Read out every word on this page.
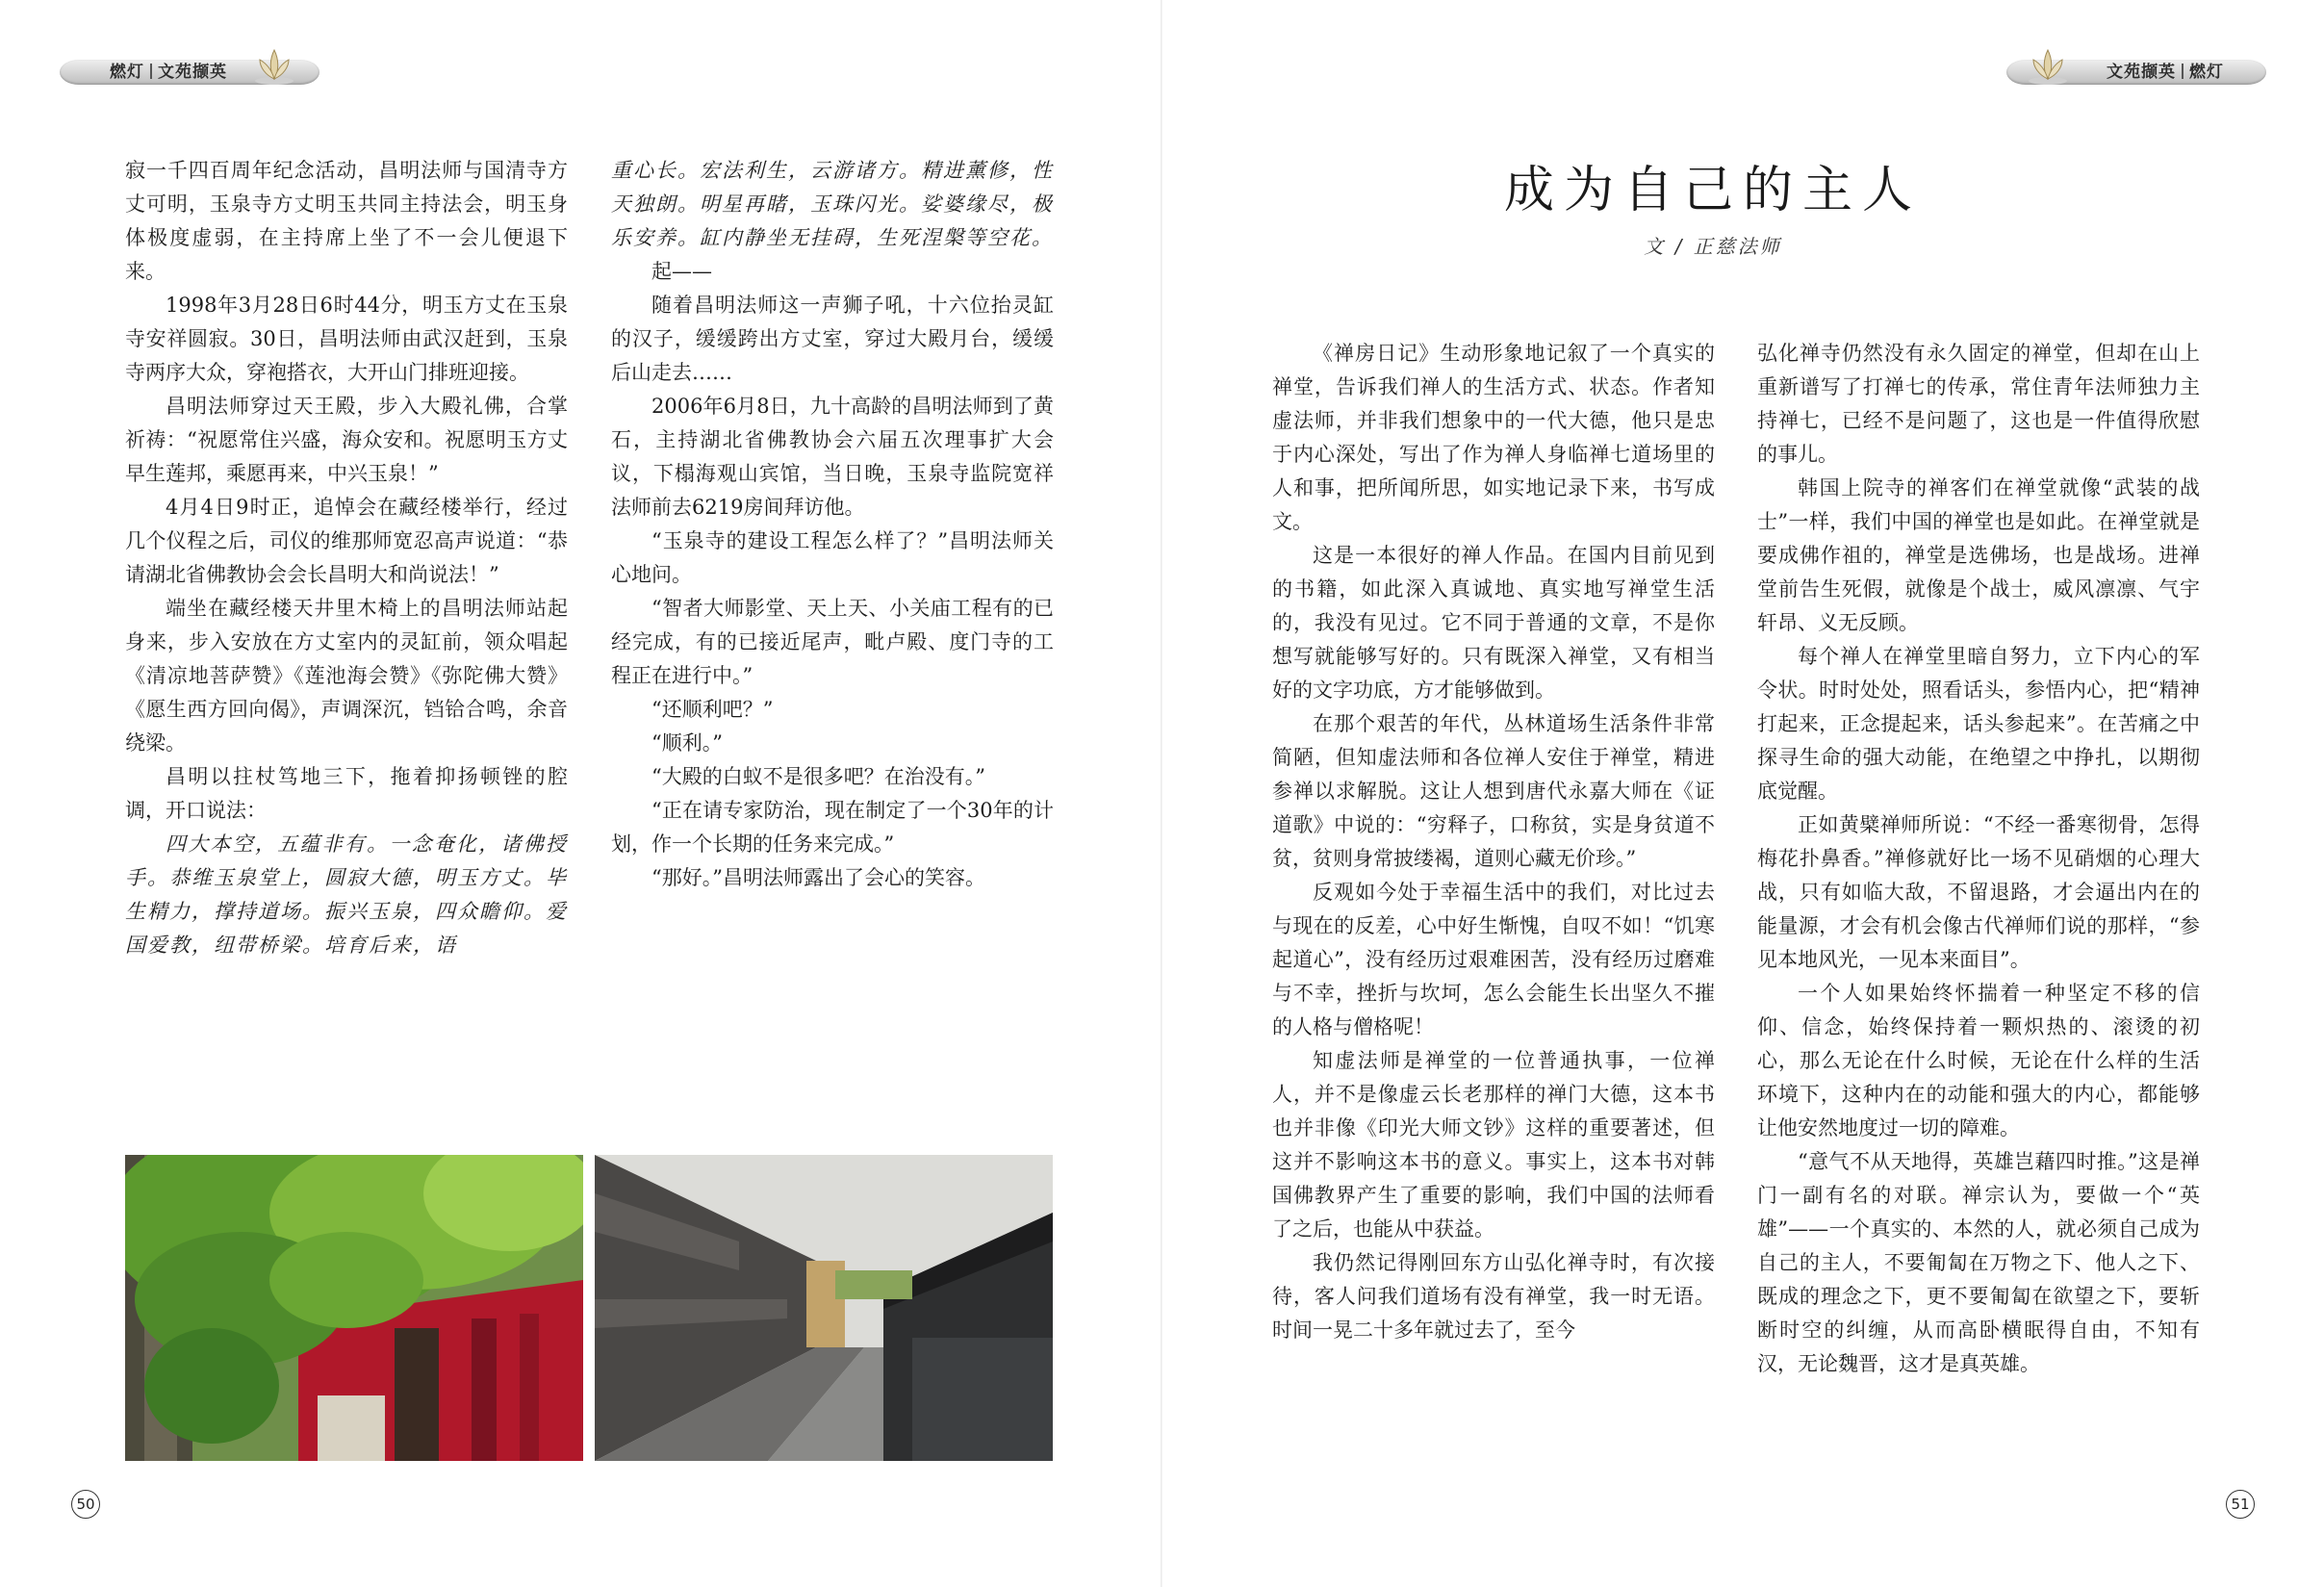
燃灯 文苑撷英	文苑撷英 燃灯

寂一千四百周年纪念活动，昌明法师与国清寺方丈可明，玉泉寺方丈明玉共同主持法会，明玉身体极度虚弱，在主持席上坐了不一会儿便退下来。

1998年3月28日6时44分，明玉方丈在玉泉寺安祥圆寂。30日，昌明法师由武汉赶到，玉泉寺两序大众，穿袍搭衣，大开山门排班迎接。

昌明法师穿过天王殿，步入大殿礼佛，合掌祈祷：“祝愿常住兴盛，海众安和。祝愿明玉方丈早生莲邦，乘愿再来，中兴玉泉！”

4月4日9时正，追悼会在藏经楼举行，经过几个仪程之后，司仪的维那师宽忍高声说道：“恭请湖北省佛教协会会长昌明大和尚说法！”

端坐在藏经楼天井里木椅上的昌明法师站起身来，步入安放在方丈室内的灵缸前，领众唱起《清凉地菩萨赞》《莲池海会赞》《弥陀佛大赞》《愿生西方回向偈》，声调深沉，铛铪合鸣，余音绕梁。

昌明以拄杖笃地三下，拖着抑扬顿锉的腔调，开口说法：

四大本空，五蕴非有。一念奄化，诸佛授手。恭维玉泉堂上，圆寂大德，明玉方丈。毕生精力，撑持道场。振兴玉泉，四众瞻仰。爱国爱教，纽带桥梁。培育后来，语

重心长。宏法利生，云游诸方。精进薰修，性天独朗。明星再睹，玉珠闪光。娑婆缘尽，极乐安养。缸内静坐无挂碍，生死涅槃等空花。

起——

随着昌明法师这一声狮子吼，十六位抬灵缸的汉子，缓缓跨出方丈室，穿过大殿月台，缓缓后山走去……

2006年6月8日，九十高龄的昌明法师到了黄石，主持湖北省佛教协会六届五次理事扩大会议，下榻海观山宾馆，当日晚，玉泉寺监院宽祥法师前去6219房间拜访他。

“玉泉寺的建设工程怎么样了？”昌明法师关心地问。

“智者大师影堂、天上天、小关庙工程有的已经完成，有的已接近尾声，毗卢殿、度门寺的工程正在进行中。”

“还顺利吧？”

“顺利。”

“大殿的白蚁不是很多吧？在治没有。”

“正在请专家防治，现在制定了一个30年的计划，作一个长期的任务来完成。”

“那好。”昌明法师露出了会心的笑容。

50
成为自己的主人
文 / 正慈法师

《禅房日记》生动形象地记叙了一个真实的禅堂，告诉我们禅人的生活方式、状态。作者知虚法师，并非我们想象中的一代大德，他只是忠于内心深处，写出了作为禅人身临禅七道场里的人和事，把所闻所思，如实地记录下来，书写成文。

这是一本很好的禅人作品。在国内目前见到的书籍，如此深入真诚地、真实地写禅堂生活的，我没有见过。它不同于普通的文章，不是你想写就能够写好的。只有既深入禅堂，又有相当好的文字功底，方才能够做到。

在那个艰苦的年代，丛林道场生活条件非常简陋，但知虚法师和各位禅人安住于禅堂，精进参禅以求解脱。这让人想到唐代永嘉大师在《证道歌》中说的：“穷释子，口称贫，实是身贫道不贫，贫则身常披缕褐，道则心藏无价珍。”

反观如今处于幸福生活中的我们，对比过去与现在的反差，心中好生惭愧，自叹不如！“饥寒起道心”，没有经历过艰难困苦，没有经历过磨难与不幸，挫折与坎坷，怎么会能生长出坚久不摧的人格与僧格呢！

知虚法师是禅堂的一位普通执事，一位禅人，并不是像虚云长老那样的禅门大德，这本书也并非像《印光大师文钞》这样的重要著述，但这并不影响这本书的意义。事实上，这本书对韩国佛教界产生了重要的影响，我们中国的法师看了之后，也能从中获益。

我仍然记得刚回东方山弘化禅寺时，有次接待，客人问我们道场有没有禅堂，我一时无语。时间一晃二十多年就过去了，至今

弘化禅寺仍然没有永久固定的禅堂，但却在山上重新谱写了打禅七的传承，常住青年法师独力主持禅七，已经不是问题了，这也是一件值得欣慰的事儿。

韩国上院寺的禅客们在禅堂就像“武装的战士”一样，我们中国的禅堂也是如此。在禅堂就是要成佛作祖的，禅堂是选佛场，也是战场。进禅堂前告生死假，就像是个战士，威风凛凛、气宇轩昂、义无反顾。

每个禅人在禅堂里暗自努力，立下内心的军令状。时时处处，照看话头，参悟内心，把“精神打起来，正念提起来，话头参起来”。在苦痛之中探寻生命的强大动能，在绝望之中挣扎，以期彻底觉醒。

正如黄檗禅师所说：“不经一番寒彻骨，怎得梅花扑鼻香。”禅修就好比一场不见硝烟的心理大战，只有如临大敌，不留退路，才会逼出内在的能量源，才会有机会像古代禅师们说的那样，“参见本地风光，一见本来面目”。

一个人如果始终怀揣着一种坚定不移的信仰、信念，始终保持着一颗炽热的、滚烫的初心，那么无论在什么时候，无论在什么样的生活环境下，这种内在的动能和强大的内心，都能够让他安然地度过一切的障难。

“意气不从天地得，英雄岂藉四时推。”这是禅门一副有名的对联。禅宗认为，要做一个“英雄”——一个真实的、本然的人，就必须自己成为自己的主人，不要匍匐在万物之下、他人之下、既成的理念之下，更不要匍匐在欲望之下，要斩断时空的纠缠，从而高卧横眠得自由，不知有汉，无论魏晋，这才是真英雄。

51
